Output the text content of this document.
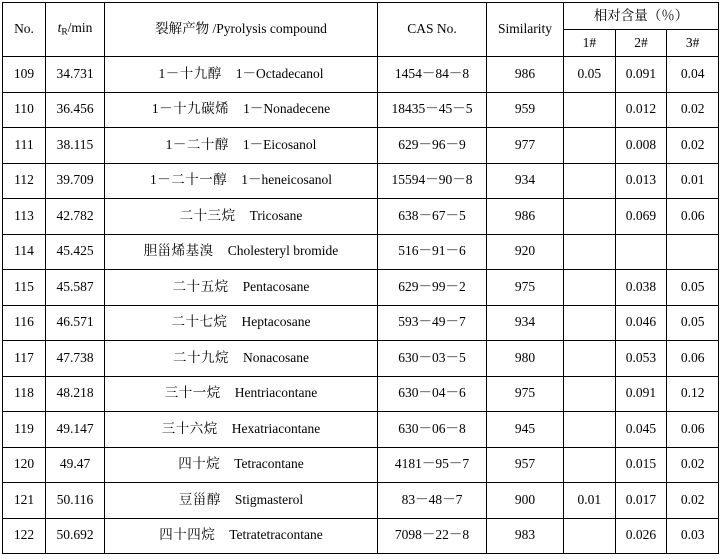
No.	$t_R/\min$	裂解产物 /Pyrolysis compound	CAS No.	Similarity	相对含量（％）		
					1#	2#	3#
109	34.731	1－十九醇 1－Octadecanol	1454－84－8	986	0.05	0.091	0.04
110	36.456	1－十九碳烯 1－Nonadecene	18435－45－5	959		0.012	0.02
111	38.115	1－二十醇 1－Eicosanol	629－96－9	977		0.008	0.02
112	39.709	1－二十一醇 1－heneicosanol	15594－90－8	934		0.013	0.01
113	42.782	二十三烷 Tricosane	638－67－5	986		0.069	0.06
114	45.425	胆甾烯基溴 Cholesteryl bromide	516－91－6	920			
115	45.587	二十五烷 Pentacosane	629－99－2	975		0.038	0.05
116	46.571	二十七烷 Heptacosane	593－49－7	934		0.046	0.05
117	47.738	二十九烷 Nonacosane	630－03－5	980		0.053	0.06
118	48.218	三十一烷 Hentriacontane	630－04－6	975		0.091	0.12
119	49.147	三十六烷 Hexatriacontane	630－06－8	945		0.045	0.06
120	49.47	四十烷 Tetracontane	4181－95－7	957		0.015	0.02
121	50.116	豆甾醇 Stigmasterol	83－48－7	900	0.01	0.017	0.02
122	50.692	四十四烷 Tetratetracontane	7098－22－8	983		0.026	0.03
